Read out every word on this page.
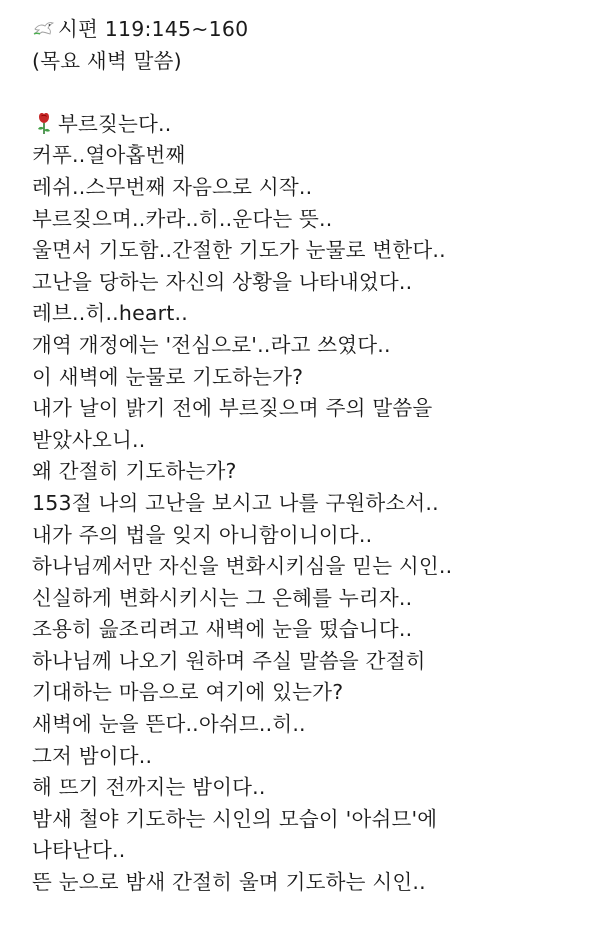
시편 119:145~160
(목요 새벽 말씀)
부르짖는다..
커푸..열아홉번째
레쉬..스무번째 자음으로 시작..
부르짖으며..카라..히..운다는 뜻..
울면서 기도함..간절한 기도가 눈물로 변한다..
고난을 당하는 자신의 상황을 나타내었다..
레브..히..heart..
개역 개정에는 '전심으로'..라고 쓰였다..
이 새벽에 눈물로 기도하는가?
내가 날이 밝기 전에 부르짖으며 주의 말씀을
받았사오니..
왜 간절히 기도하는가?
153절 나의 고난을 보시고 나를 구원하소서..
내가 주의 법을 잊지 아니함이니이다..
하나님께서만 자신을 변화시키심을 믿는 시인..
신실하게 변화시키시는 그 은혜를 누리자..
조용히 읊조리려고 새벽에 눈을 떴습니다..
하나님께 나오기 원하며 주실 말씀을 간절히
기대하는 마음으로 여기에 있는가?
새벽에 눈을 뜬다..아쉬므..히..
그저 밤이다..
해 뜨기 전까지는 밤이다..
밤새 철야 기도하는 시인의 모습이 '아쉬므'에
나타난다..
뜬 눈으로 밤새 간절히 울며 기도하는 시인..
